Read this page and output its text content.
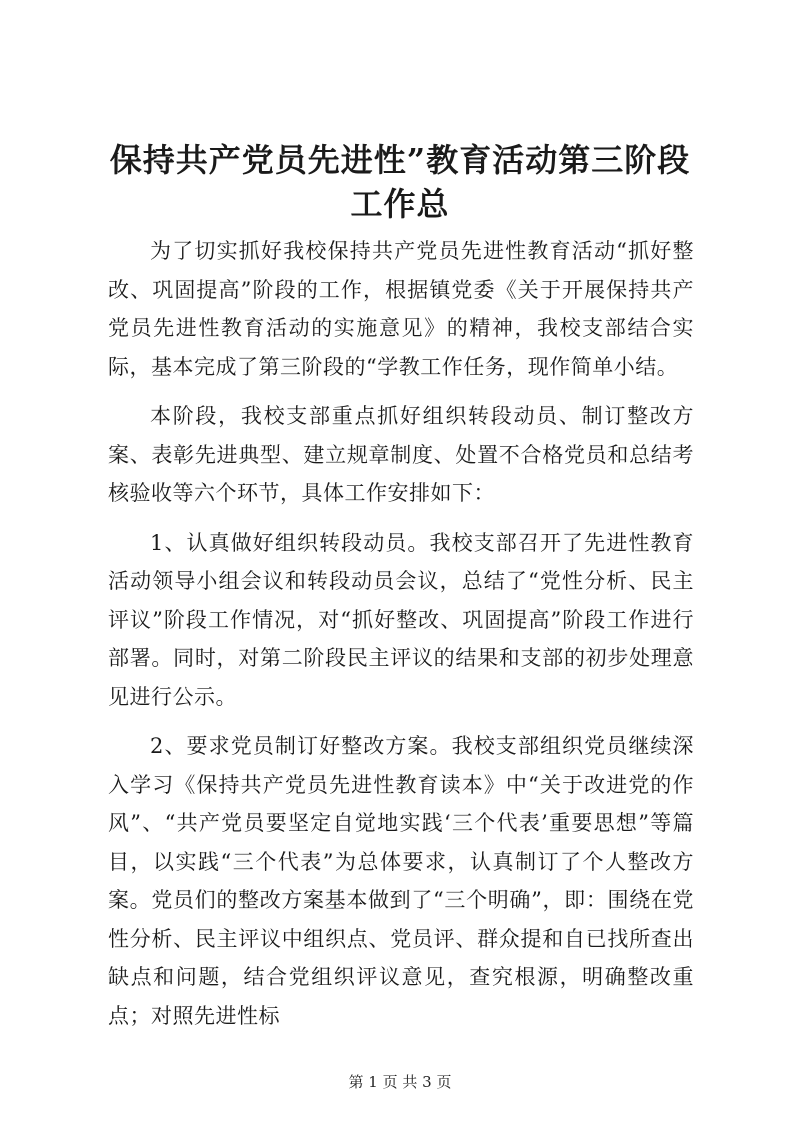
保持共产党员先进性”教育活动第三阶段工作总

为了切实抓好我校保持共产党员先进性教育活动“抓好整改、巩固提高”阶段的工作，根据镇党委《关于开展保持共产党员先进性教育活动的实施意见》的精神，我校支部结合实际，基本完成了第三阶段的“学教工作任务，现作简单小结。

本阶段，我校支部重点抓好组织转段动员、制订整改方案、表彰先进典型、建立规章制度、处置不合格党员和总结考核验收等六个环节，具体工作安排如下：

1、认真做好组织转段动员。我校支部召开了先进性教育活动领导小组会议和转段动员会议，总结了“党性分析、民主评议”阶段工作情况，对“抓好整改、巩固提高”阶段工作进行部署。同时，对第二阶段民主评议的结果和支部的初步处理意见进行公示。

2、要求党员制订好整改方案。我校支部组织党员继续深入学习《保持共产党员先进性教育读本》中“关于改进党的作风”、“共产党员要坚定自觉地实践‘三个代表’重要思想”等篇目，以实践“三个代表”为总体要求，认真制订了个人整改方案。党员们的整改方案基本做到了“三个明确”，即：围绕在党性分析、民主评议中组织点、党员评、群众提和自已找所查出缺点和问题，结合党组织评议意见，查究根源，明确整改重点；对照先进性标

第 1 页 共 3 页
